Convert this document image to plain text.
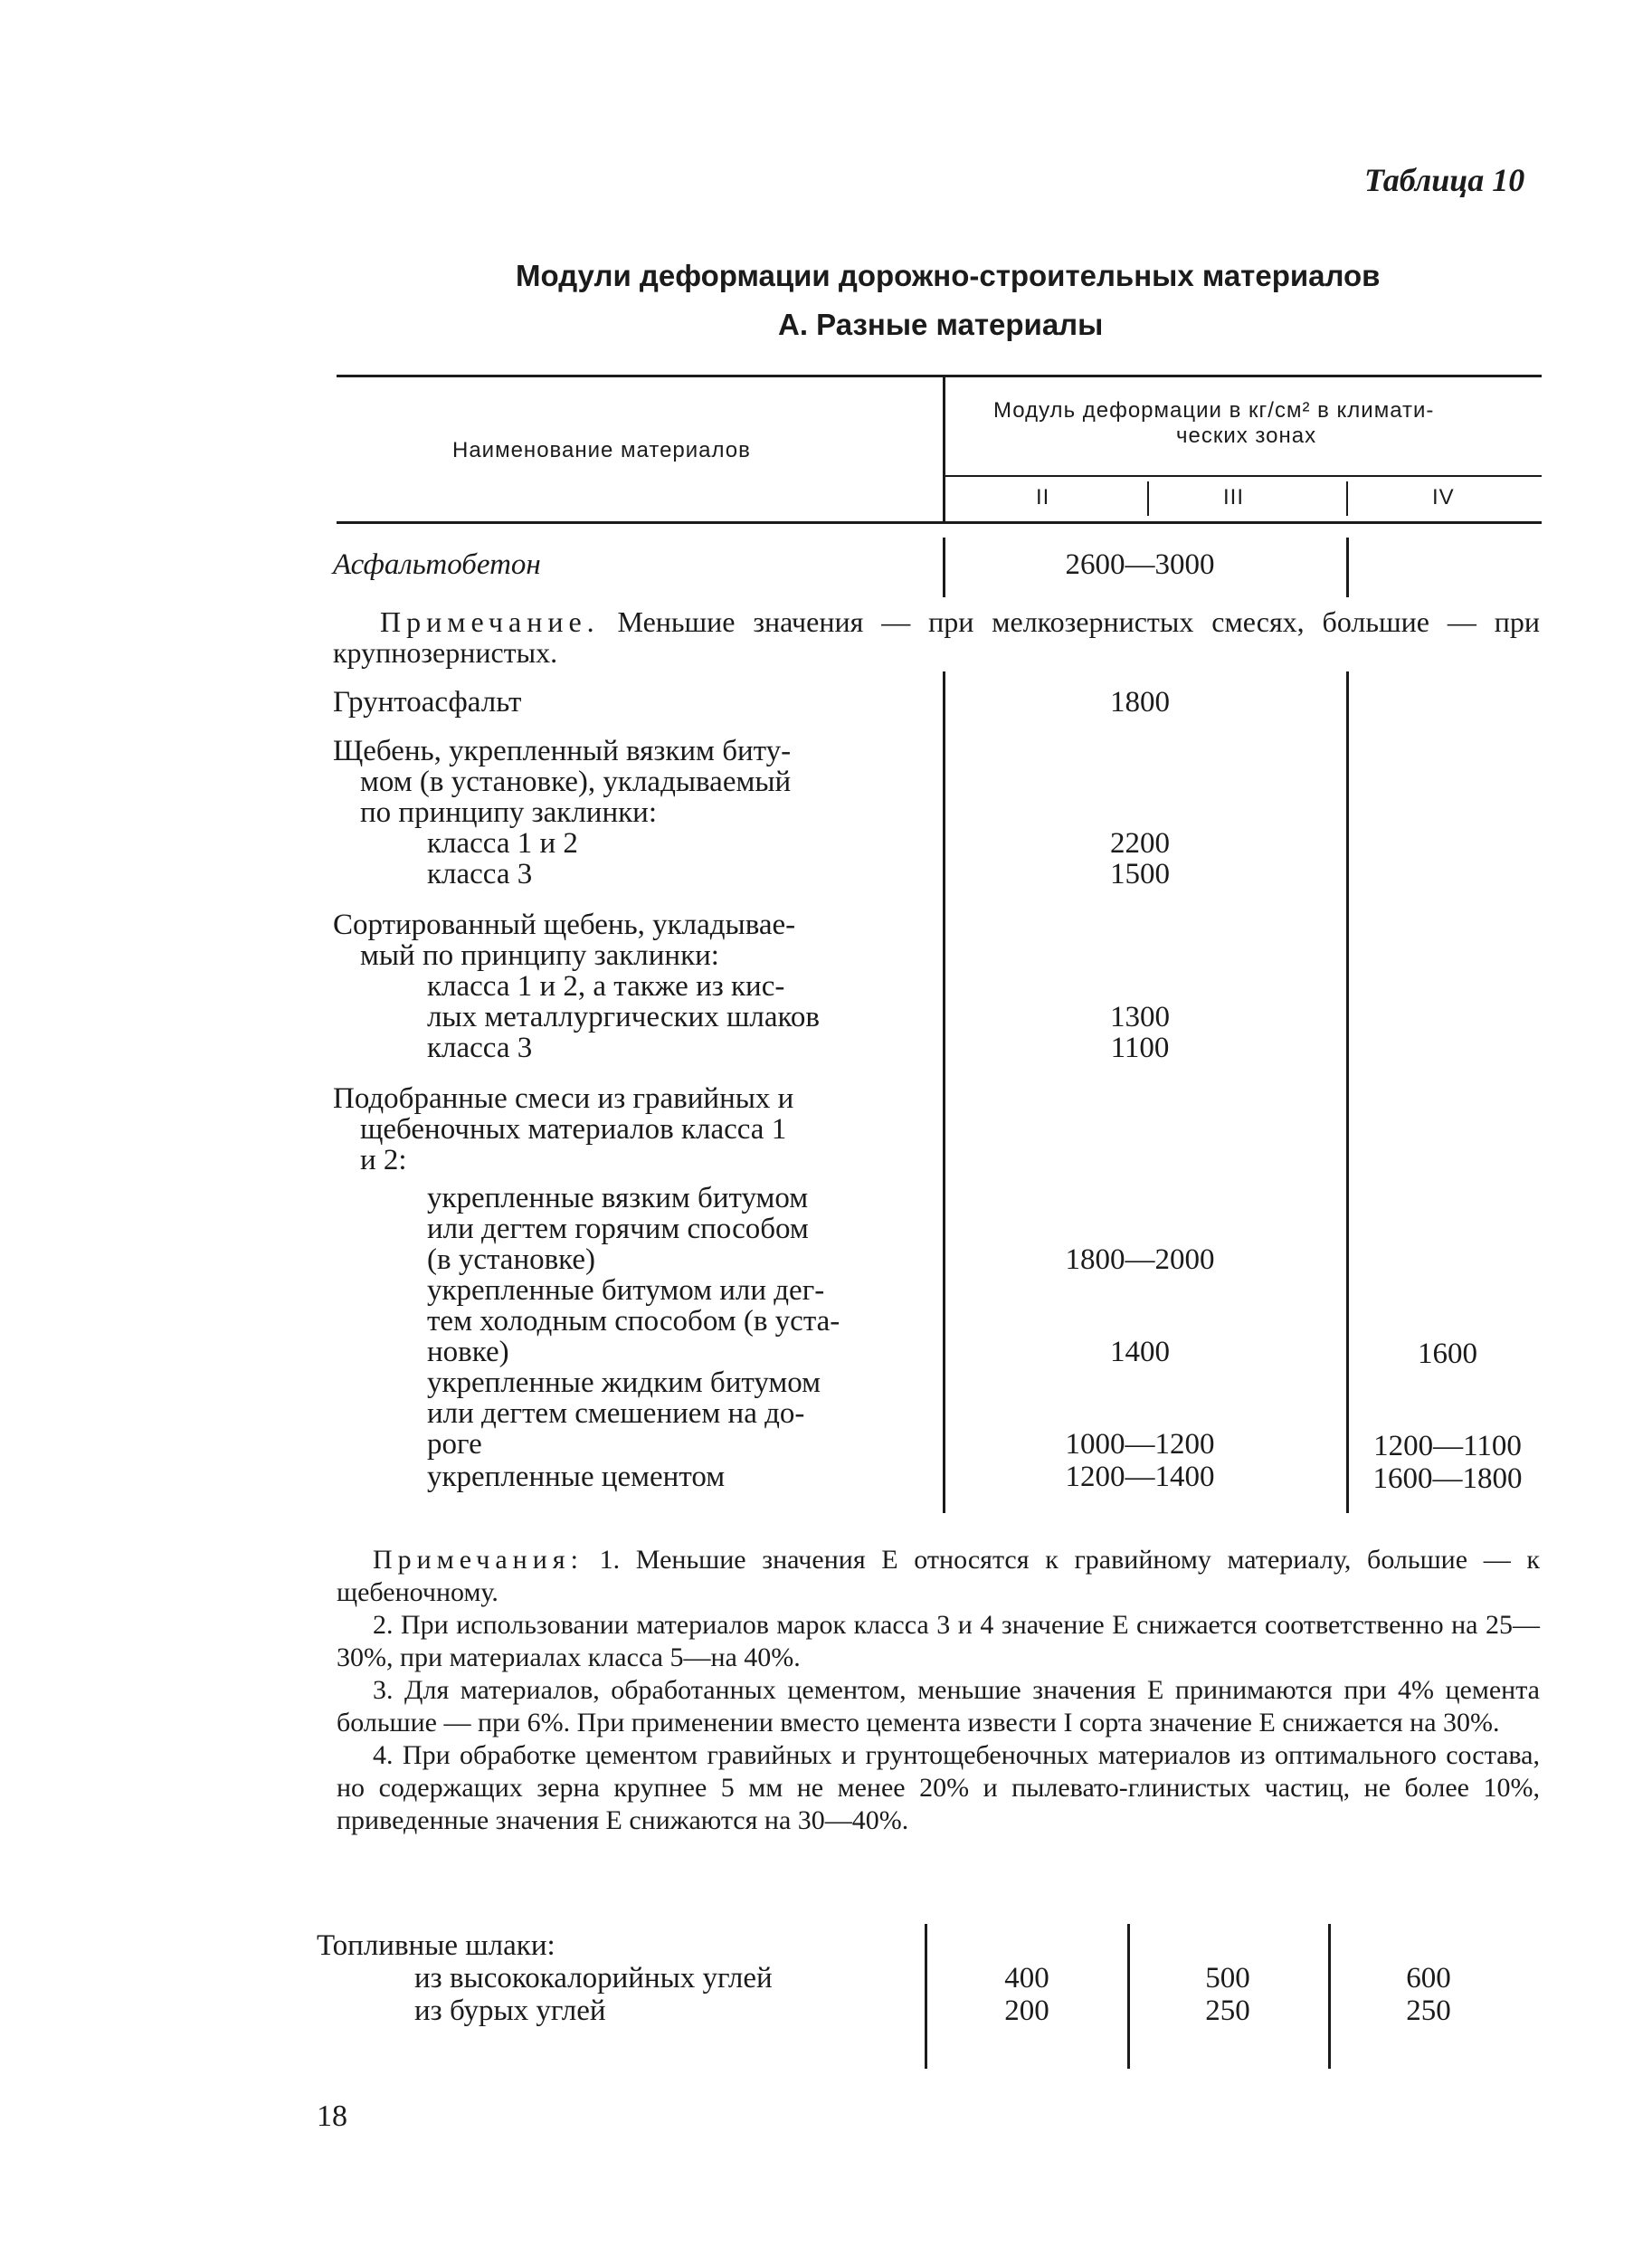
Таблица 10
Модули деформации дорожно-строительных материалов
А. Разные материалы
Наименование материалов
Модуль деформации в кг/см² в климати-
ческих зонах
II	III	IV
Асфальтобетон	2600—3000

Примечание. Меньшие значения — при мелкозернистых смесях, большие — при крупнозернистых.

Грунтоасфальт	1800
Щебень, укрепленный вязким биту-
мом (в установке), укладываемый
по принципу заклинки:
класса 1 и 2	2200
класса 3	1500
Сортированный щебень, укладывае-
мый по принципу заклинки:
класса 1 и 2, а также из кис-
лых металлургических шлаков	1300
класса 3	1100
Подобранные смеси из гравийных и
щебеночных материалов класса 1
и 2:
укрепленные вязким битумом
или дегтем горячим способом
(в установке)	1800—2000
укрепленные битумом или дег-
тем холодным способом (в уста-
новке)	1400	1600
укрепленные жидким битумом
или дегтем смешением на до-
роге	1000—1200	1200—1100
укрепленные цементом	1200—1400	1600—1800

Примечания: 1. Меньшие значения Е относятся к гравийному материалу, большие — к щебеночному.

2. При использовании материалов марок класса 3 и 4 значение Е снижается соответственно на 25—30%, при материалах класса 5—на 40%.

3. Для материалов, обработанных цементом, меньшие значения Е принимаются при 4% цемента большие — при 6%. При применении вместо цемента извести I сорта значение Е снижается на 30%.

4. При обработке цементом гравийных и грунтощебеночных материалов из оптимального состава, но содержащих зерна крупнее 5 мм не менее 20% и пылевато-глинистых частиц, не более 10%, приведенные значения Е снижаются на 30—40%.

Топливные шлаки:
из высококалорийных углей	400	500	600
из бурых углей	200	250	250
18
